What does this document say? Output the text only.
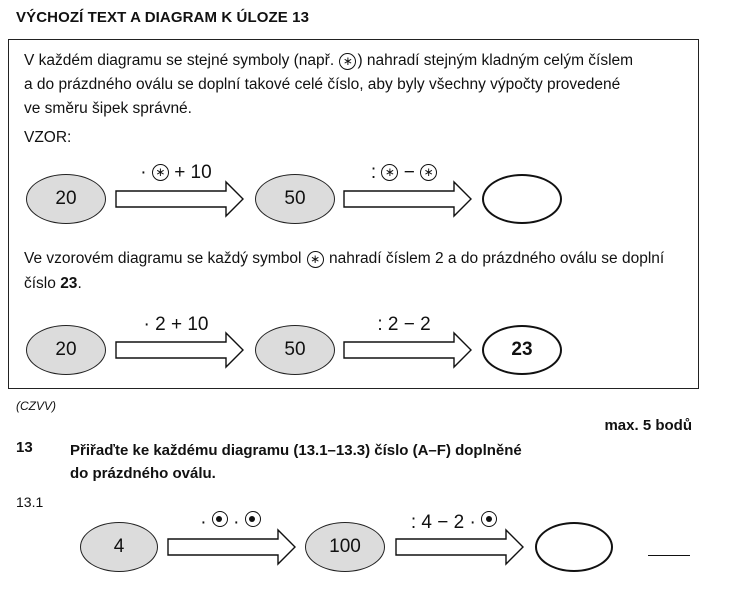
VÝCHOZÍ TEXT A DIAGRAM K ÚLOZE 13
V každém diagramu se stejné symboly (např. ∗ ) nahradí stejným kladným celým číslem
a do prázdného oválu se doplní takové celé číslo, aby byly všechny výpočty provedené
ve směru šipek správné.
VZOR:
20
· ∗ + 10
50
: ∗ − ∗
Ve vzorovém diagramu se každý symbol ∗ nahradí číslem 2 a do prázdného oválu se doplní
číslo 23.
20
· 2 + 10
50
: 2 − 2
23
(CZVV)
max. 5 bodů
13 Přiřaďte ke každému diagramu (13.1–13.3) číslo (A–F) doplněné
do prázdného oválu.
13.1
4
· ·
100
: 4 − 2 ·
